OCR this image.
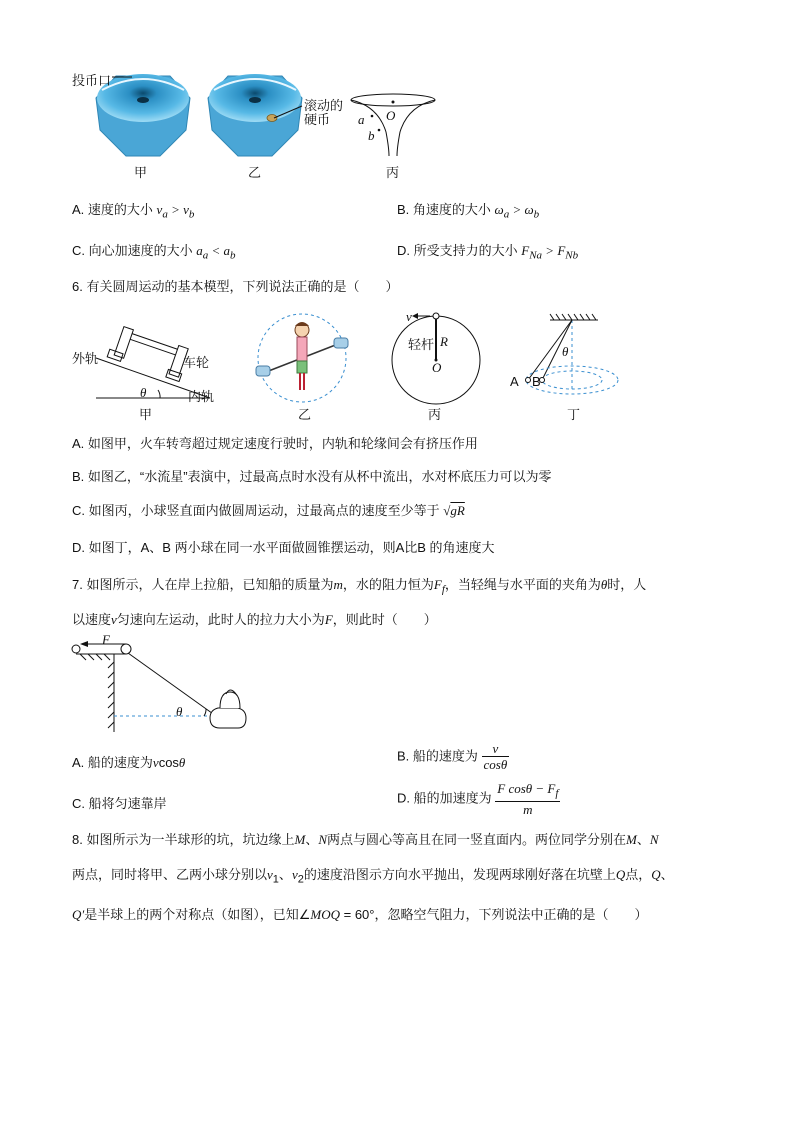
投币口
甲
滚动的
硬币
乙
O
a
b
丙
A. 速度的大小 $v_a > v_b$	B. 角速度的大小 $\omega_a > \omega_b$
C. 向心加速度的大小 $a_a < a_b$	D. 所受支持力的大小 $F_{Na} > F_{Nb}$
6. 有关圆周运动的基本模型，下列说法正确的是（　　）
外轨	车轮
内轨
θ
甲	乙
v
轻杆 R
O
丙
θ
A B
丁
A. 如图甲，火车转弯超过规定速度行驶时，内轨和轮缘间会有挤压作用
B. 如图乙，“水流星”表演中，过最高点时水没有从杯中流出，水对杯底压力可以为零
C. 如图丙，小球竖直面内做圆周运动，过最高点的速度至少等于 √gR
D. 如图丁，A、B 两小球在同一水平面做圆锥摆运动，则A比B 的角速度大
7. 如图所示，人在岸上拉船，已知船的质量为m，水的阻力恒为$F_f$，当轻绳与水平面的夹角为θ时，人
以速度v匀速向左运动，此时人的拉力大小为F，则此时（　　）
F
θ
A. 船的速度为vcosθ	B. 船的速度为 $\frac{v}{\cos\theta}$
C. 船将匀速靠岸	D. 船的加速度为 $\frac{F \cos\theta - F_f}{m}$
8. 如图所示为一半球形的坑，坑边缘上M、N两点与圆心等高且在同一竖直面内。两位同学分别在M、N
两点，同时将甲、乙两小球分别以$v_1$、$v_2$的速度沿图示方向水平抛出，发现两球刚好落在坑壁上Q点，Q、
Q′是半球上的两个对称点（如图），已知∠MOQ = 60°，忽略空气阻力，下列说法中正确的是（　　）
